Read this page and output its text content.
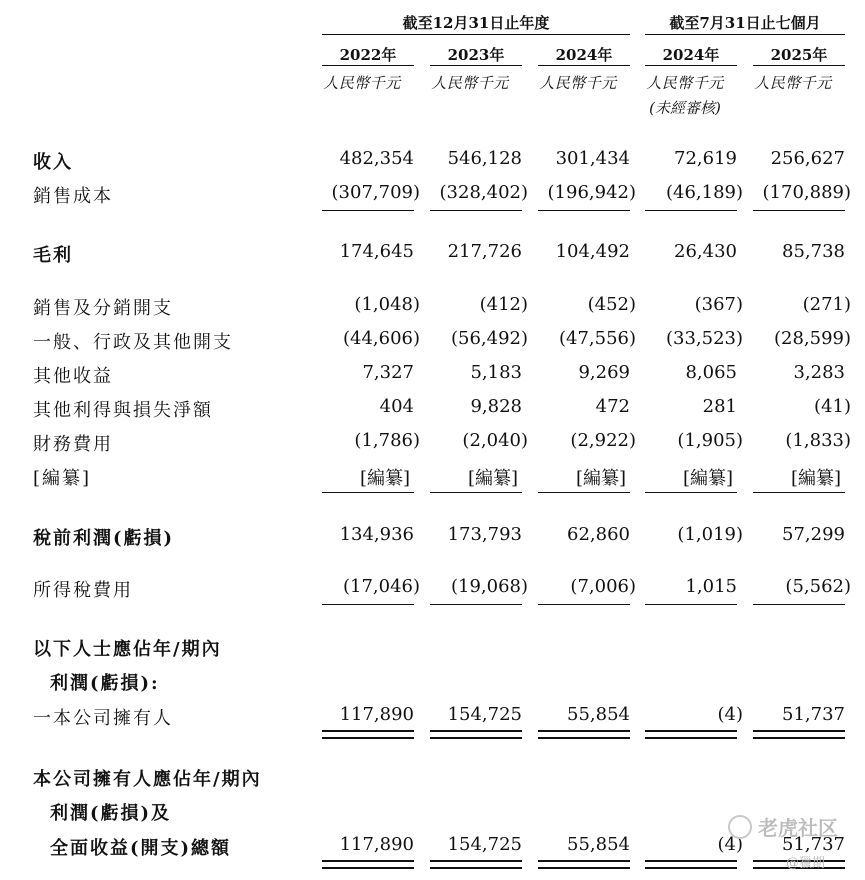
截至12月31日止年度	截至7月31日止七個月
2022年	2023年	2024年	2024年	2025年
人民幣千元	人民幣千元	人民幣千元	人民幣千元	人民幣千元
(未經審核)
收入	482,354	546,128	301,434	72,619	256,627
銷售成本	(307,709)	(328,402)	(196,942)	(46,189)	(170,889)
毛利	174,645	217,726	104,492	26,430	85,738
銷售及分銷開支	(1,048)	(412)	(452)	(367)	(271)
一般、行政及其他開支	(44,606)	(56,492)	(47,556)	(33,523)	(28,599)
其他收益	7,327	5,183	9,269	8,065	3,283
其他利得與損失淨額	404	9,828	472	281	(41)
財務費用	(1,786)	(2,040)	(2,922)	(1,905)	(1,833)
[編纂]	[編纂]	[編纂]	[編纂]	[編纂]	[編纂]
稅前利潤(虧損)	134,936	173,793	62,860	(1,019)	57,299
所得稅費用	(17,046)	(19,068)	(7,006)	1,015	(5,562)
以下人士應佔年/期內
利潤(虧損):
一本公司擁有人	117,890	154,725	55,854	(4)	51,737
本公司擁有人應佔年/期內
利潤(虧損)及
全面收益(開支)總額	117,890	154,725	55,854	(4)	51,737
老虎社区
@獵期
